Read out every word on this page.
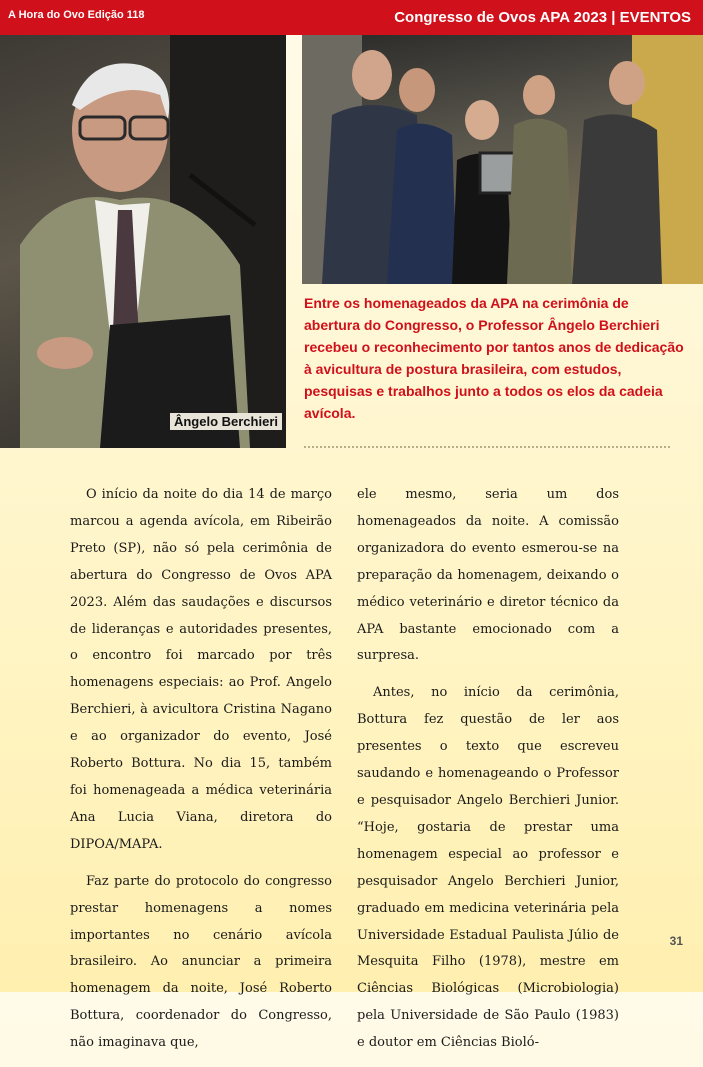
A Hora do Ovo Edição 118	Congresso de Ovos APA 2023 | EVENTOS
Ângelo Berchieri
Entre os homenageados da APA na cerimônia de abertura do Congresso, o Professor Ângelo Berchieri recebeu o reconhecimento por tantos anos de dedicação à avicultura de postura brasileira, com estudos, pesquisas e trabalhos junto a todos os elos da cadeia avícola.

O início da noite do dia 14 de março marcou a agenda avícola, em Ribeirão Preto (SP), não só pela cerimônia de abertura do Congresso de Ovos APA 2023. Além das saudações e discursos de lideranças e autoridades presentes, o encontro foi marcado por três homenagens especiais: ao Prof. Angelo Berchieri, à avicultora Cristina Nagano e ao organizador do evento, José Roberto Bottura. No dia 15, também foi homenageada a médica veterinária Ana Lucia Viana, diretora do DIPOA/MAPA.

Faz parte do protocolo do congresso prestar homenagens a nomes importantes no cenário avícola brasileiro. Ao anunciar a primeira homenagem da noite, José Roberto Bottura, coordenador do Congresso, não imaginava que,

ele mesmo, seria um dos homenageados da noite. A comissão organizadora do evento esmerou-se na preparação da homenagem, deixando o médico veterinário e diretor técnico da APA bastante emocionado com a surpresa.

Antes, no início da cerimônia, Bottura fez questão de ler aos presentes o texto que escreveu saudando e homenageando o Professor e pesquisador Angelo Berchieri Junior. “Hoje, gostaria de prestar uma homenagem especial ao professor e pesquisador Angelo Berchieri Junior, graduado em medicina veterinária pela Universidade Estadual Paulista Júlio de Mesquita Filho (1978), mestre em Ciências Biológicas (Microbiologia) pela Universidade de São Paulo (1983) e doutor em Ciências Bioló-

31
